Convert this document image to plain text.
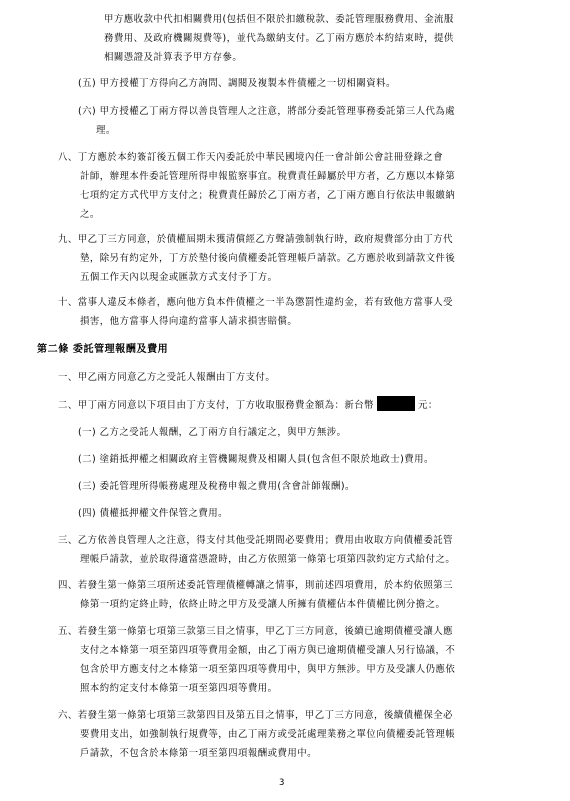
甲方應收款中代扣相關費用(包括但不限於扣繳稅款、委託管理服務費用、金流服
務費用、及政府機關規費等)，並代為繳納支付。乙丁兩方應於本約結束時，提供
相關憑證及計算表予甲方存參。
(五) 甲方授權丁方得向乙方詢問、調閱及複製本件債權之一切相關資料。
(六) 甲方授權乙丁兩方得以善良管理人之注意，將部分委託管理事務委託第三人代為處
理。
八、丁方應於本約簽訂後五個工作天內委託於中華民國境內任一會計師公會註冊登錄之會
計師，辦理本件委託管理所得申報監察事宜。稅費責任歸屬於甲方者，乙方應以本條第
七項約定方式代甲方支付之；稅費責任歸於乙丁兩方者，乙丁兩方應自行依法申報繳納
之。
九、甲乙丁三方同意，於債權屆期未獲清償經乙方聲請強制執行時，政府規費部分由丁方代
墊，除另有約定外，丁方於墊付後向債權委託管理帳戶請款。乙方應於收到請款文件後
五個工作天內以現金或匯款方式支付予丁方。
十、當事人違反本條者，應向他方負本件債權之一半為懲罰性違約金，若有致他方當事人受
損害，他方當事人得向違約當事人請求損害賠償。
第二條 委託管理報酬及費用
一、甲乙兩方同意乙方之受託人報酬由丁方支付。
二、甲丁兩方同意以下項目由丁方支付，丁方收取服務費金額為：新台幣	元：
(一) 乙方之受託人報酬，乙丁兩方自行議定之，與甲方無涉。
(二) 塗銷抵押權之相關政府主管機關規費及相關人員(包含但不限於地政士)費用。
(三) 委託管理所得帳務處理及稅務申報之費用(含會計師報酬)。
(四) 債權抵押權文件保管之費用。
三、乙方依善良管理人之注意，得支付其他受託期間必要費用；費用由收取方向債權委託管
理帳戶請款，並於取得適當憑證時，由乙方依照第一條第七項第四款約定方式給付之。
四、若發生第一條第三項所述委託管理債權轉讓之情事，則前述四項費用，於本約依照第三
條第一項約定終止時，依終止時之甲方及受讓人所擁有債權佔本件債權比例分擔之。
五、若發生第一條第七項第三款第三目之情事，甲乙丁三方同意，後續已逾期債權受讓人應
支付之本條第一項至第四項等費用金額，由乙丁兩方與已逾期債權受讓人另行協議，不
包含於甲方應支付之本條第一項至第四項等費用中，與甲方無涉。甲方及受讓人仍應依
照本約約定支付本條第一項至第四項等費用。
六、若發生第一條第七項第三款第四目及第五目之情事，甲乙丁三方同意，後續債權保全必
要費用支出，如強制執行規費等，由乙丁兩方或受託處理業務之單位向債權委託管理帳
戶請款，不包含於本條第一項至第四項報酬或費用中。
3
